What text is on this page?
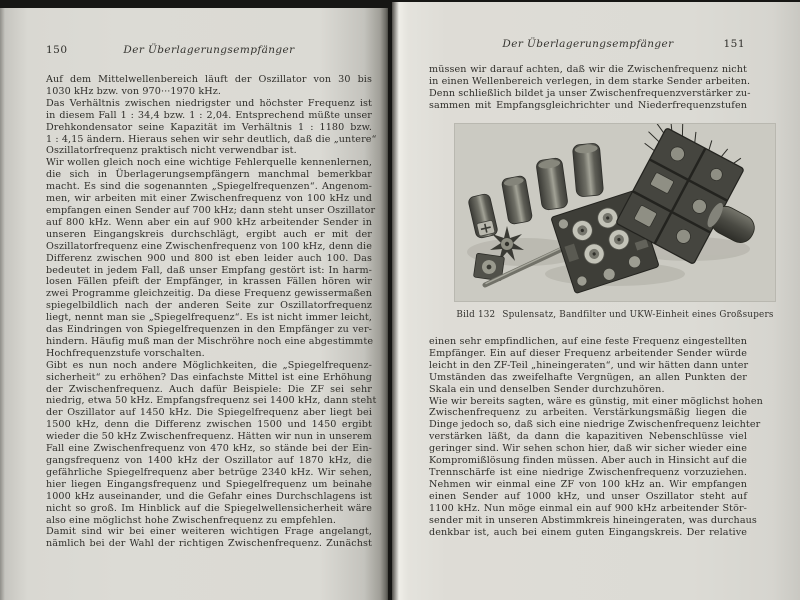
150	Der Überlagerungsempfänger
Auf dem Mittelwellenbereich läuft der Oszillator von 30 bis
1030 kHz bzw. von 970···1970 kHz.
Das Verhältnis zwischen niedrigster und höchster Frequenz ist
in diesem Fall 1 : 34,4 bzw. 1 : 2,04. Entsprechend müßte unser
Drehkondensator seine Kapazität im Verhältnis 1 : 1180 bzw.
1 : 4,15 ändern. Hieraus sehen wir sehr deutlich, daß die „untere“
Oszillatorfrequenz praktisch nicht verwendbar ist.
Wir wollen gleich noch eine wichtige Fehlerquelle kennenlernen,
die sich in Überlagerungsempfängern manchmal bemerkbar
macht. Es sind die sogenannten „Spiegelfrequenzen“. Angenom-
men, wir arbeiten mit einer Zwischenfrequenz von 100 kHz und
empfangen einen Sender auf 700 kHz; dann steht unser Oszillator
auf 800 kHz. Wenn aber ein auf 900 kHz arbeitender Sender in
unseren Eingangskreis durchschlägt, ergibt auch er mit der
Oszillatorfrequenz eine Zwischenfrequenz von 100 kHz, denn die
Differenz zwischen 900 und 800 ist eben leider auch 100. Das
bedeutet in jedem Fall, daß unser Empfang gestört ist: In harm-
losen Fällen pfeift der Empfänger, in krassen Fällen hören wir
zwei Programme gleichzeitig. Da diese Frequenz gewissermaßen
spiegelbildlich nach der anderen Seite zur Oszillatorfrequenz
liegt, nennt man sie „Spiegelfrequenz“. Es ist nicht immer leicht,
das Eindringen von Spiegelfrequenzen in den Empfänger zu ver-
hindern. Häufig muß man der Mischröhre noch eine abgestimmte
Hochfrequenzstufe vorschalten.
Gibt es nun noch andere Möglichkeiten, die „Spiegelfrequenz-
sicherheit“ zu erhöhen? Das einfachste Mittel ist eine Erhöhung
der Zwischenfrequenz. Auch dafür Beispiele: Die ZF sei sehr
niedrig, etwa 50 kHz. Empfangsfrequenz sei 1400 kHz, dann steht
der Oszillator auf 1450 kHz. Die Spiegelfrequenz aber liegt bei
1500 kHz, denn die Differenz zwischen 1500 und 1450 ergibt
wieder die 50 kHz Zwischenfrequenz. Hätten wir nun in unserem
Fall eine Zwischenfrequenz von 470 kHz, so stände bei der Ein-
gangsfrequenz von 1400 kHz der Oszillator auf 1870 kHz, die
gefährliche Spiegelfrequenz aber betrüge 2340 kHz. Wir sehen,
hier liegen Eingangsfrequenz und Spiegelfrequenz um beinahe
1000 kHz auseinander, und die Gefahr eines Durchschlagens ist
nicht so groß. Im Hinblick auf die Spiegelwellensicherheit wäre
also eine möglichst hohe Zwischenfrequenz zu empfehlen.
Damit sind wir bei einer weiteren wichtigen Frage angelangt,
nämlich bei der Wahl der richtigen Zwischenfrequenz. Zunächst
Der Überlagerungsempfänger	151
müssen wir darauf achten, daß wir die Zwischenfrequenz nicht
in einen Wellenbereich verlegen, in dem starke Sender arbeiten.
Denn schließlich bildet ja unser Zwischenfrequenzverstärker zu-
sammen mit Empfangsgleichrichter und Niederfrequenzstufen
Bild 132 Spulensatz, Bandfilter und UKW-Einheit eines Großsupers
einen sehr empfindlichen, auf eine feste Frequenz eingestellten
Empfänger. Ein auf dieser Frequenz arbeitender Sender würde
leicht in den ZF-Teil „hineingeraten“, und wir hätten dann unter
Umständen das zweifelhafte Vergnügen, an allen Punkten der
Skala ein und denselben Sender durchzuhören.
Wie wir bereits sagten, wäre es günstig, mit einer möglichst hohen
Zwischenfrequenz zu arbeiten. Verstärkungsmäßig liegen die
Dinge jedoch so, daß sich eine niedrige Zwischenfrequenz leichter
verstärken läßt, da dann die kapazitiven Nebenschlüsse viel
geringer sind. Wir sehen schon hier, daß wir sicher wieder eine
Kompromißlösung finden müssen. Aber auch in Hinsicht auf die
Trennschärfe ist eine niedrige Zwischenfrequenz vorzuziehen.
Nehmen wir einmal eine ZF von 100 kHz an. Wir empfangen
einen Sender auf 1000 kHz, und unser Oszillator steht auf
1100 kHz. Nun möge einmal ein auf 900 kHz arbeitender Stör-
sender mit in unseren Abstimmkreis hineingeraten, was durchaus
denkbar ist, auch bei einem guten Eingangskreis. Der relative
